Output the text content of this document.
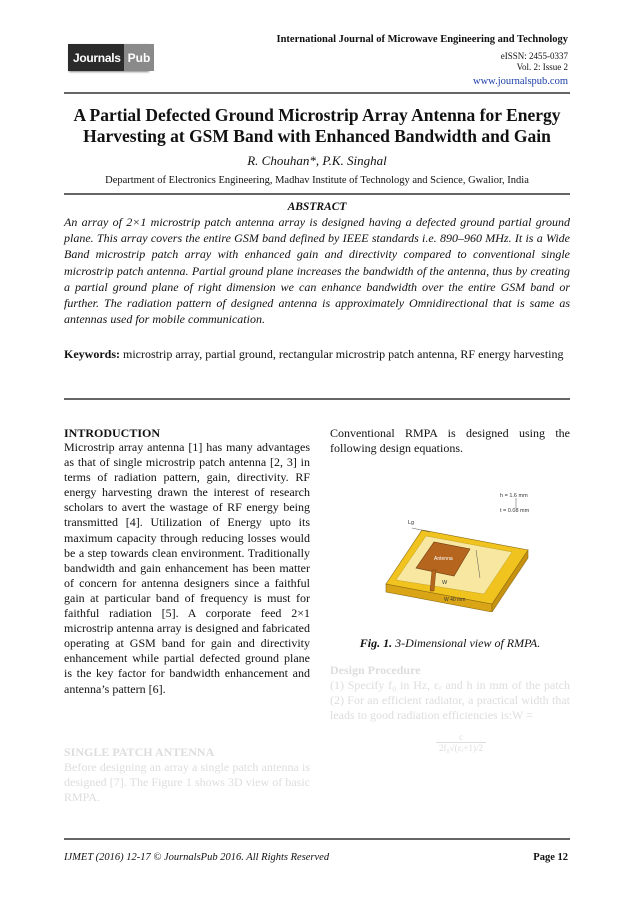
Journals Pub
International Journal of Microwave Engineering and Technology
eISSN: 2455-0337
Vol. 2: Issue 2
www.journalspub.com
A Partial Defected Ground Microstrip Array Antenna for Energy
Harvesting at GSM Band with Enhanced Bandwidth and Gain
R. Chouhan*, P.K. Singhal
Department of Electronics Engineering, Madhav Institute of Technology and Science, Gwalior, India
ABSTRACT
An array of 2×1 microstrip patch antenna array is designed having a defected ground partial ground plane. This array covers the entire GSM band defined by IEEE standards i.e. 890–960 MHz. It is a Wide Band microstrip patch array with enhanced gain and directivity compared to conventional single microstrip patch antenna. Partial ground plane increases the bandwidth of the antenna, thus by creating a partial ground plane of right dimension we can enhance bandwidth over the entire GSM band or further. The radiation pattern of designed antenna is approximately Omnidirectional that is same as antennas used for mobile communication.
Keywords: microstrip array, partial ground, rectangular microstrip patch antenna, RF energy harvesting
INTRODUCTION
Microstrip array antenna [1] has many advantages as that of single microstrip patch antenna [2, 3] in terms of radiation pattern, gain, directivity. RF energy harvesting drawn the interest of research scholars to avert the wastage of RF energy being transmitted [4]. Utilization of Energy upto its maximum capacity through reducing losses would be a step towards clean environment. Traditionally bandwidth and gain enhancement has been matter of concern for antenna designers since a faithful gain at particular band of frequency is must for faithful radiation [5]. A corporate feed 2×1 microstrip antenna array is designed and fabricated operating at GSM band for gain and directivity enhancement while partial defected ground plane is the key factor for bandwidth enhancement and antenna’s pattern [6].
SINGLE PATCH ANTENNA
Before designing an array a single patch antenna is designed [7]. The Figure 1 shows 3D view of basic RMPA.
Conventional RMPA is designed using the following design equations.
h = 1.6 mm
t = 0.08 mm
Lg
Antenna
W
W 40 mm
Fig. 1. 3-Dimensional view of RMPA.
Design Procedure
(1) Specify f₀ in Hz, εᵣ and h in mm of the patch (2) For an efficient radiator, a practical width that leads to good radiation efficiencies is:W =
$\frac{c}{\text{2f₀√(εᵣ+1)/2}}$
IJMET (2016) 12-17 © JournalsPub 2016. All Rights Reserved	Page 12
